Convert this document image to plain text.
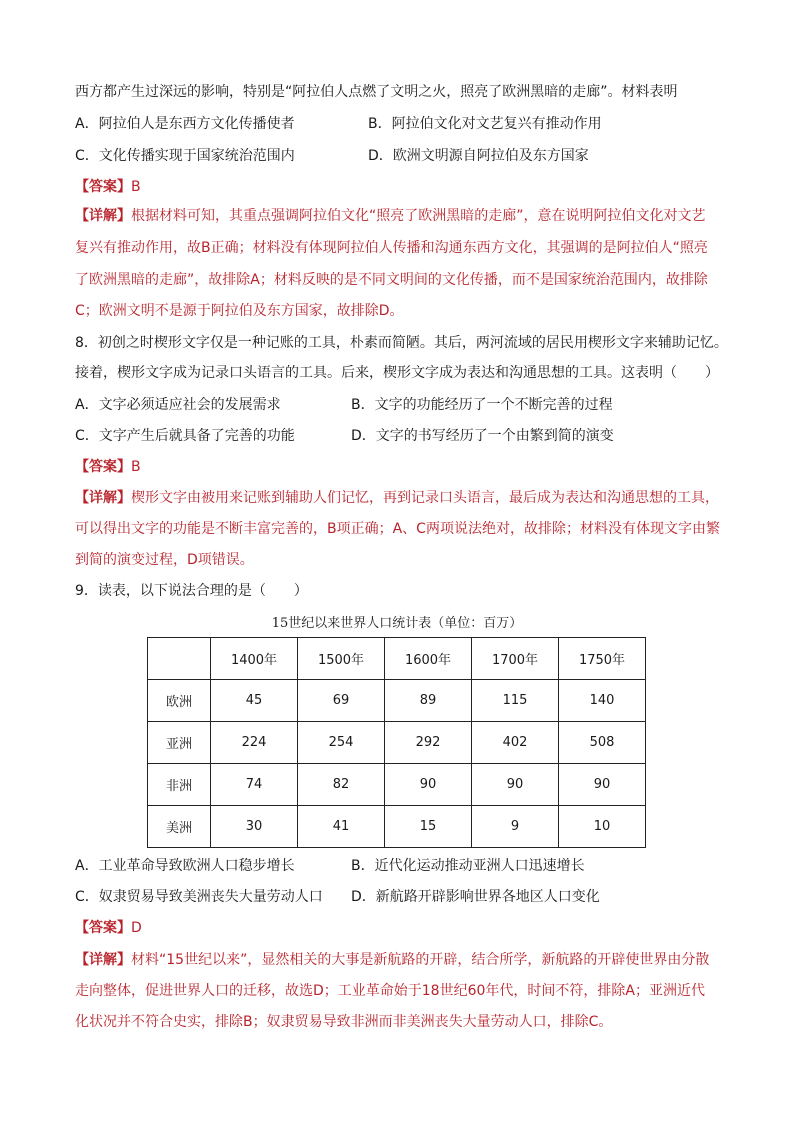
西方都产生过深远的影响，特别是“阿拉伯人点燃了文明之火，照亮了欧洲黑暗的走廊”。材料表明
A．阿拉伯人是东西方文化传播使者	B．阿拉伯文化对文艺复兴有推动作用
C．文化传播实现于国家统治范围内	D．欧洲文明源自阿拉伯及东方国家
【答案】B
【详解】根据材料可知，其重点强调阿拉伯文化“照亮了欧洲黑暗的走廊”，意在说明阿拉伯文化对文艺
复兴有推动作用，故B正确；材料没有体现阿拉伯人传播和沟通东西方文化，其强调的是阿拉伯人“照亮
了欧洲黑暗的走廊”，故排除A；材料反映的是不同文明间的文化传播，而不是国家统治范围内，故排除
C；欧洲文明不是源于阿拉伯及东方国家，故排除D。
8．初创之时楔形文字仅是一种记账的工具，朴素而简陋。其后，两河流域的居民用楔形文字来辅助记忆。
接着，楔形文字成为记录口头语言的工具。后来，楔形文字成为表达和沟通思想的工具。这表明（　　）
A．文字必须适应社会的发展需求	B．文字的功能经历了一个不断完善的过程
C．文字产生后就具备了完善的功能	D．文字的书写经历了一个由繁到简的演变
【答案】B
【详解】楔形文字由被用来记账到辅助人们记忆，再到记录口头语言，最后成为表达和沟通思想的工具，
可以得出文字的功能是不断丰富完善的，B项正确；A、C两项说法绝对，故排除；材料没有体现文字由繁
到简的演变过程，D项错误。
9．读表，以下说法合理的是（　　）
15世纪以来世界人口统计表（单位：百万）
	1400年	1500年	1600年	1700年	1750年
欧洲	45	69	89	115	140
亚洲	224	254	292	402	508
非洲	74	82	90	90	90
美洲	30	41	15	9	10
A．工业革命导致欧洲人口稳步增长	B．近代化运动推动亚洲人口迅速增长
C．奴隶贸易导致美洲丧失大量劳动人口 D．新航路开辟影响世界各地区人口变化
【答案】D
【详解】材料“15世纪以来”，显然相关的大事是新航路的开辟，结合所学，新航路的开辟使世界由分散
走向整体，促进世界人口的迁移，故选D；工业革命始于18世纪60年代，时间不符，排除A；亚洲近代
化状况并不符合史实，排除B；奴隶贸易导致非洲而非美洲丧失大量劳动人口，排除C。
